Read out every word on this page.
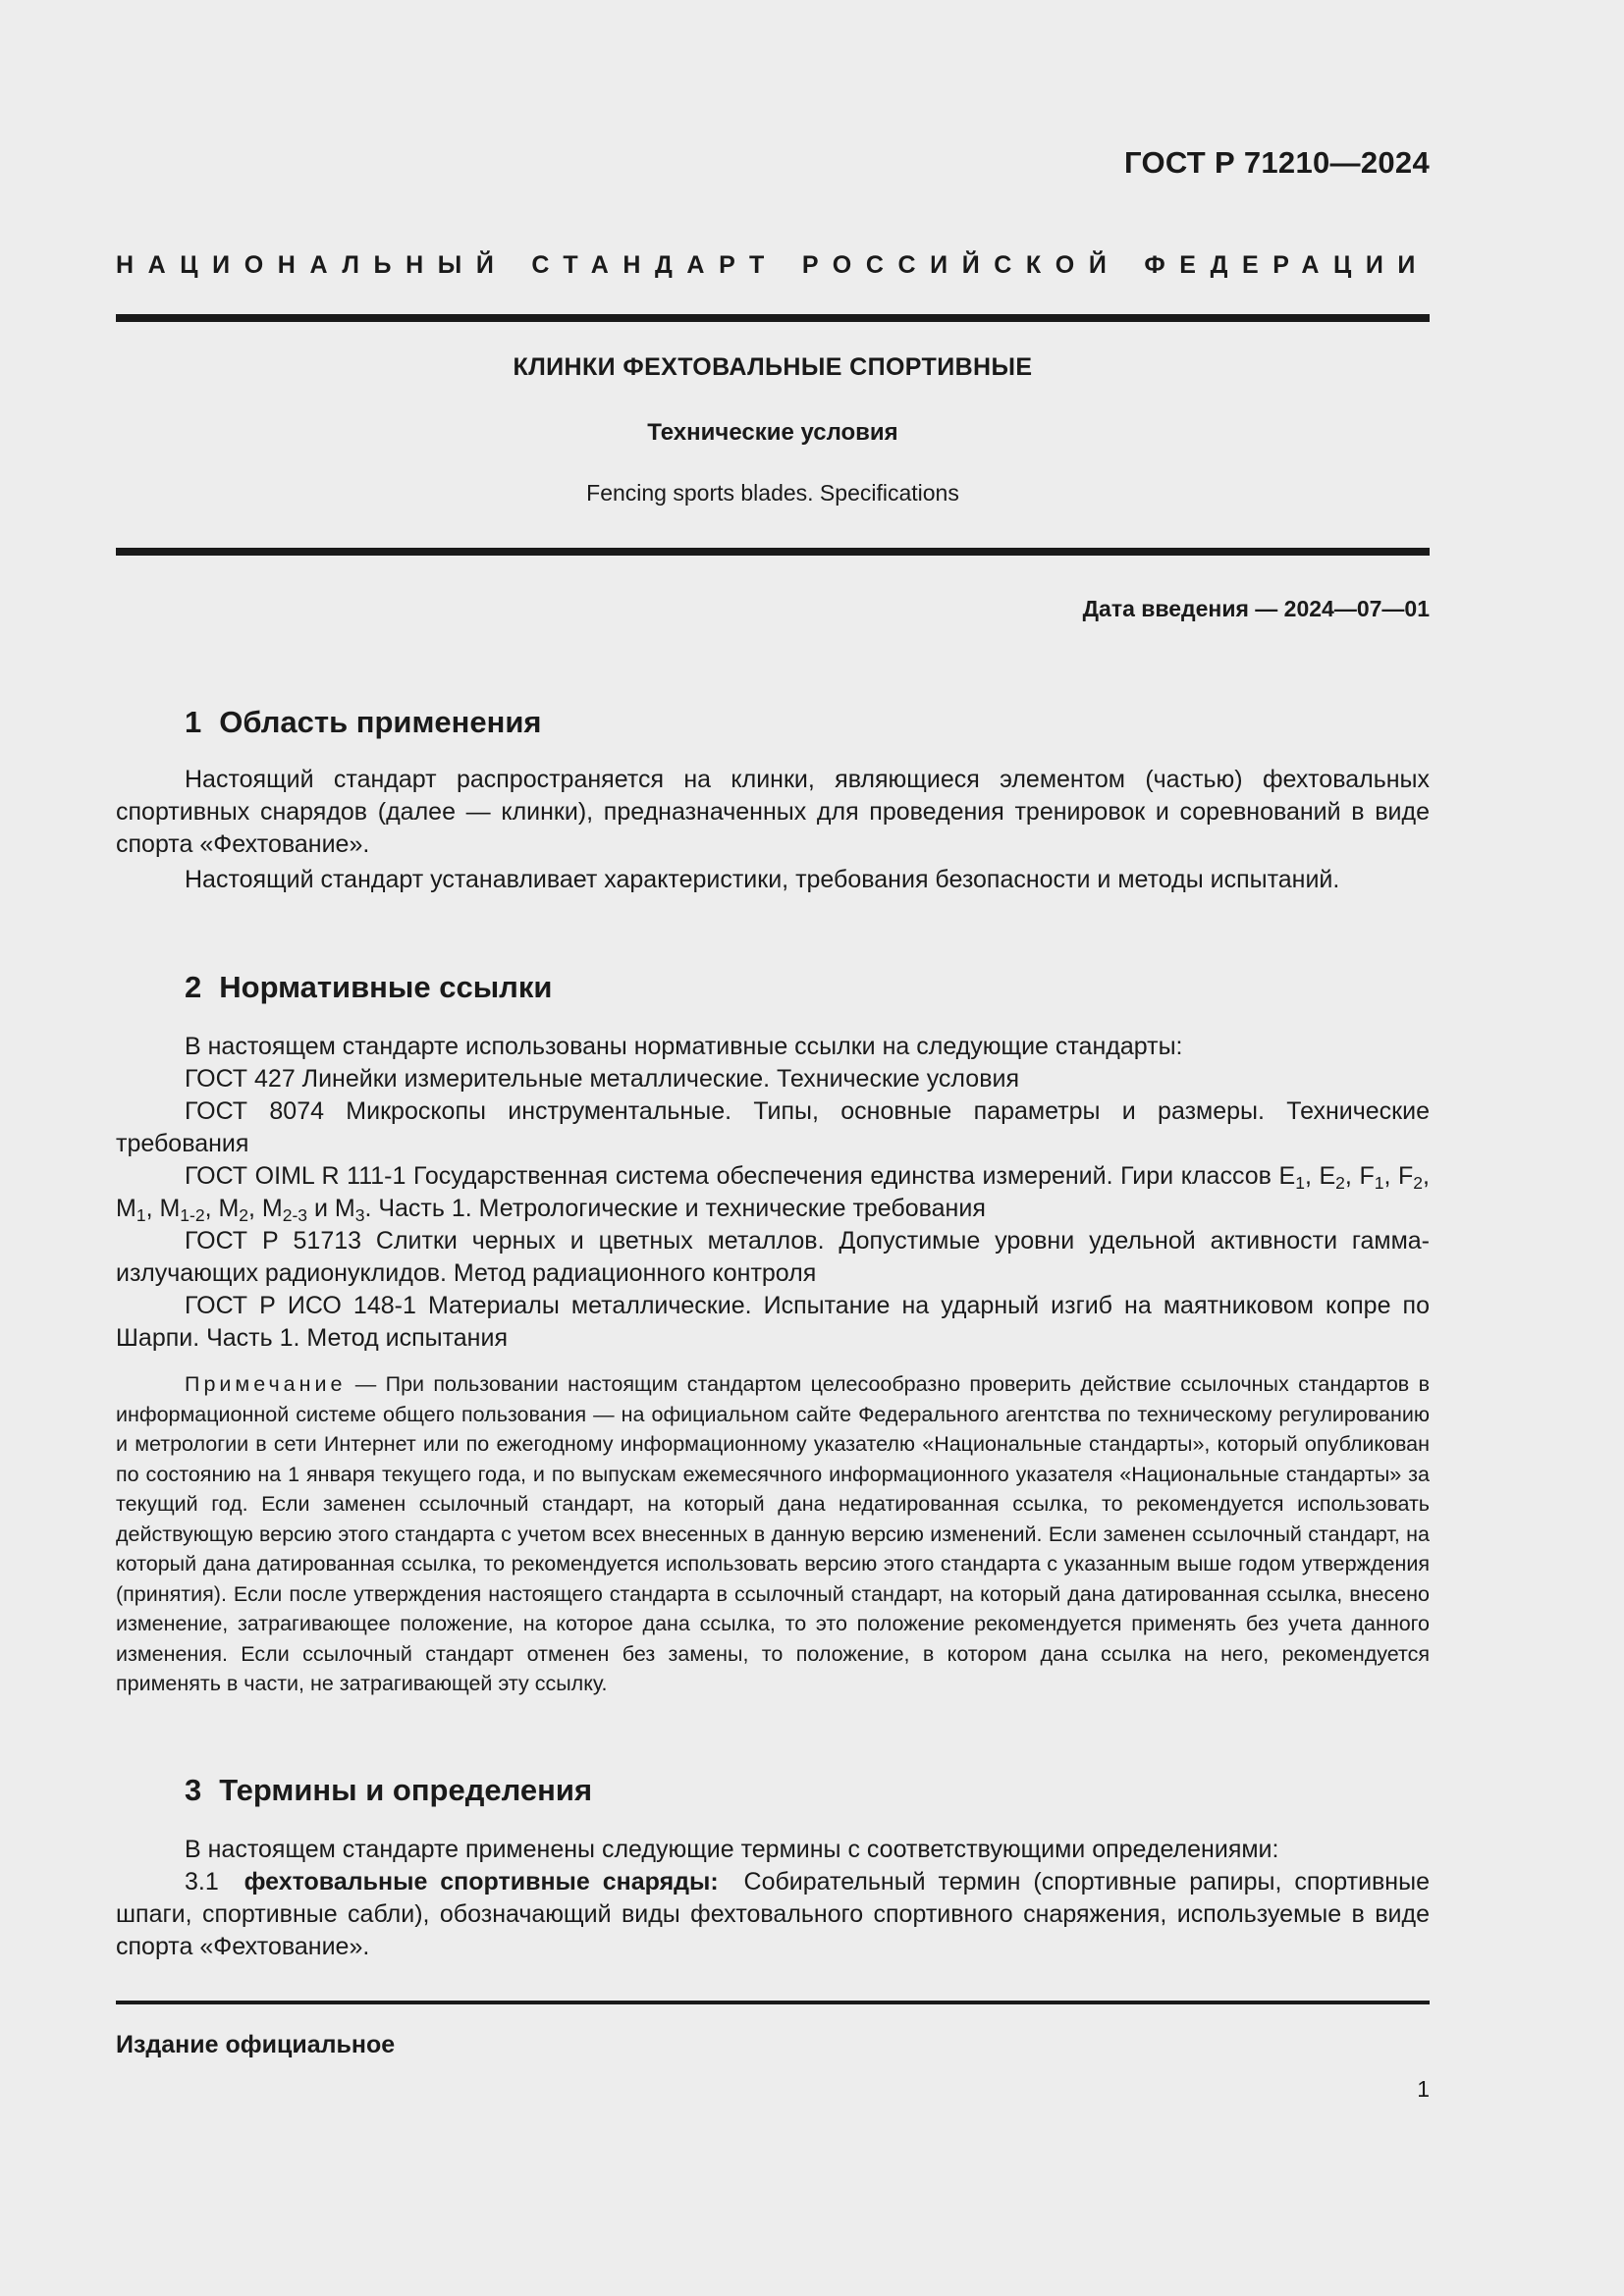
ГОСТ Р 71210—2024
НАЦИОНАЛЬНЫЙ СТАНДАРТ РОССИЙСКОЙ ФЕДЕРАЦИИ
КЛИНКИ ФЕХТОВАЛЬНЫЕ СПОРТИВНЫЕ
Технические условия
Fencing sports blades. Specifications
Дата введения — 2024—07—01
1 Область применения
Настоящий стандарт распространяется на клинки, являющиеся элементом (частью) фехтовальных спортивных снарядов (далее — клинки), предназначенных для проведения тренировок и соревнований в виде спорта «Фехтование».
Настоящий стандарт устанавливает характеристики, требования безопасности и методы испытаний.
2 Нормативные ссылки
В настоящем стандарте использованы нормативные ссылки на следующие стандарты:
ГОСТ 427 Линейки измерительные металлические. Технические условия
ГОСТ 8074 Микроскопы инструментальные. Типы, основные параметры и размеры. Технические требования
ГОСТ OIML R 111-1 Государственная система обеспечения единства измерений. Гири классов $E_1$, $E_2$, $F_1$, $F_2$, $M_1$, $M_{1-2}$, $M_2$, $M_{2-3}$ и $M_3$. Часть 1. Метрологические и технические требования
ГОСТ Р 51713 Слитки черных и цветных металлов. Допустимые уровни удельной активности гамма-излучающих радионуклидов. Метод радиационного контроля
ГОСТ Р ИСО 148-1 Материалы металлические. Испытание на ударный изгиб на маятниковом копре по Шарпи. Часть 1. Метод испытания
Примечание — При пользовании настоящим стандартом целесообразно проверить действие ссылочных стандартов в информационной системе общего пользования — на официальном сайте Федерального агентства по техническому регулированию и метрологии в сети Интернет или по ежегодному информационному указателю «Национальные стандарты», который опубликован по состоянию на 1 января текущего года, и по выпускам ежемесячного информационного указателя «Национальные стандарты» за текущий год. Если заменен ссылочный стандарт, на который дана недатированная ссылка, то рекомендуется использовать действующую версию этого стандарта с учетом всех внесенных в данную версию изменений. Если заменен ссылочный стандарт, на который дана датированная ссылка, то рекомендуется использовать версию этого стандарта с указанным выше годом утверждения (принятия). Если после утверждения настоящего стандарта в ссылочный стандарт, на который дана датированная ссылка, внесено изменение, затрагивающее положение, на которое дана ссылка, то это положение рекомендуется применять без учета данного изменения. Если ссылочный стандарт отменен без замены, то положение, в котором дана ссылка на него, рекомендуется применять в части, не затрагивающей эту ссылку.
3 Термины и определения
В настоящем стандарте применены следующие термины с соответствующими определениями:
3.1 фехтовальные спортивные снаряды: Собирательный термин (спортивные рапиры, спортивные шпаги, спортивные сабли), обозначающий виды фехтовального спортивного снаряжения, используемые в виде спорта «Фехтование».
Издание официальное
1
